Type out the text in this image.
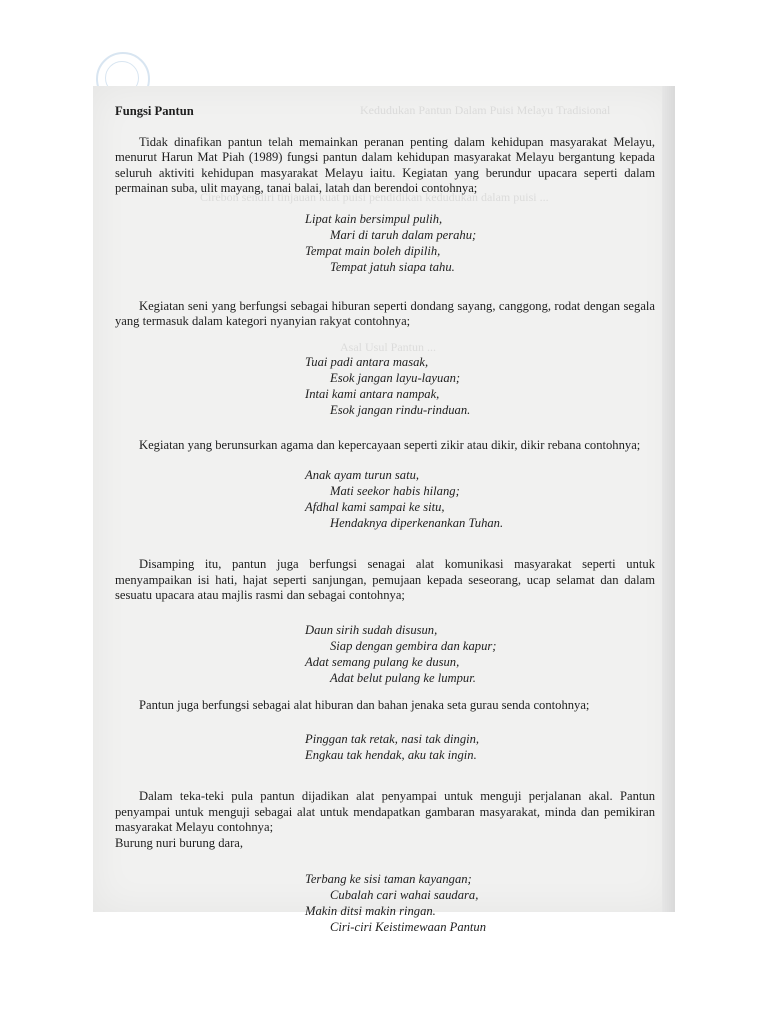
Fungsi Pantun

Tidak dinafikan pantun telah memainkan peranan penting dalam kehidupan masyarakat Melayu, menurut Harun Mat Piah (1989) fungsi pantun dalam kehidupan masyarakat Melayu bergantung kepada seluruh aktiviti kehidupan masyarakat Melayu iaitu. Kegiatan yang berundur upacara seperti dalam permainan suba, ulit mayang, tanai balai, latah dan berendoi contohnya;

Lipat kain bersimpul pulih,
Mari di taruh dalam perahu;
Tempat main boleh dipilih,
Tempat jatuh siapa tahu.

Kegiatan seni yang berfungsi sebagai hiburan seperti dondang sayang, canggong, rodat dengan segala yang termasuk dalam kategori nyanyian rakyat contohnya;

Tuai padi antara masak,
Esok jangan layu-layuan;
Intai kami antara nampak,
Esok jangan rindu-rinduan.

Kegiatan yang berunsurkan agama dan kepercayaan seperti zikir atau dikir, dikir rebana contohnya;

Anak ayam turun satu,
Mati seekor habis hilang;
Afdhal kami sampai ke situ,
Hendaknya diperkenankan Tuhan.

Disamping itu, pantun juga berfungsi senagai alat komunikasi masyarakat seperti untuk menyampaikan isi hati, hajat seperti sanjungan, pemujaan kepada seseorang, ucap selamat dan dalam sesuatu upacara atau majlis rasmi dan sebagai contohnya;

Daun sirih sudah disusun,
Siap dengan gembira dan kapur;
Adat semang pulang ke dusun,
Adat belut pulang ke lumpur.

Pantun juga berfungsi sebagai alat hiburan dan bahan jenaka seta gurau senda contohnya;

Pinggan tak retak, nasi tak dingin,
Engkau tak hendak, aku tak ingin.

Dalam teka-teki pula pantun dijadikan alat penyampai untuk menguji perjalanan akal. Pantun penyampai untuk menguji sebagai alat untuk mendapatkan gambaran masyarakat, minda dan pemikiran masyarakat Melayu contohnya;

Burung nuri burung dara,

Terbang ke sisi taman kayangan;
Cubalah cari wahai saudara,
Makin ditsi makin ringan.
Ciri-ciri Keistimewaan Pantun
